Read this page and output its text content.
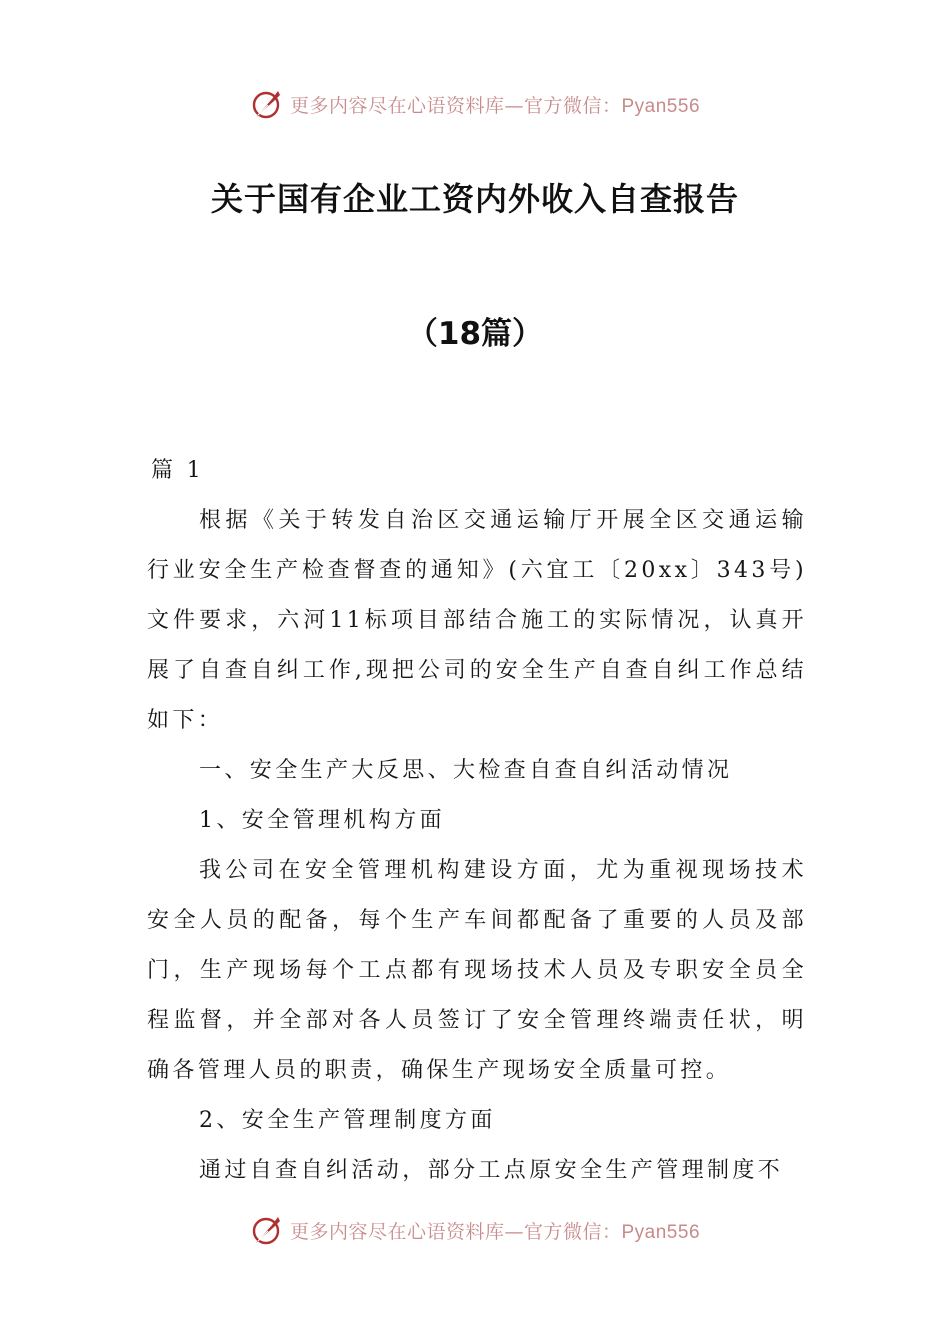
更多内容尽在心语资料库—官方微信：Pyan556
关于国有企业工资内外收入自查报告
（18篇）

篇 1

根据《关于转发自治区交通运输厅开展全区交通运输行业安全生产检查督查的通知》(六宜工〔20xx〕343号)文件要求，六河11标项目部结合施工的实际情况，认真开展了自查自纠工作,现把公司的安全生产自查自纠工作总结如下：

一、安全生产大反思、大检查自查自纠活动情况

1、安全管理机构方面

我公司在安全管理机构建设方面，尤为重视现场技术安全人员的配备，每个生产车间都配备了重要的人员及部门，生产现场每个工点都有现场技术人员及专职安全员全程监督，并全部对各人员签订了安全管理终端责任状，明确各管理人员的职责，确保生产现场安全质量可控。

2、安全生产管理制度方面

通过自查自纠活动，部分工点原安全生产管理制度不

更多内容尽在心语资料库—官方微信：Pyan556
